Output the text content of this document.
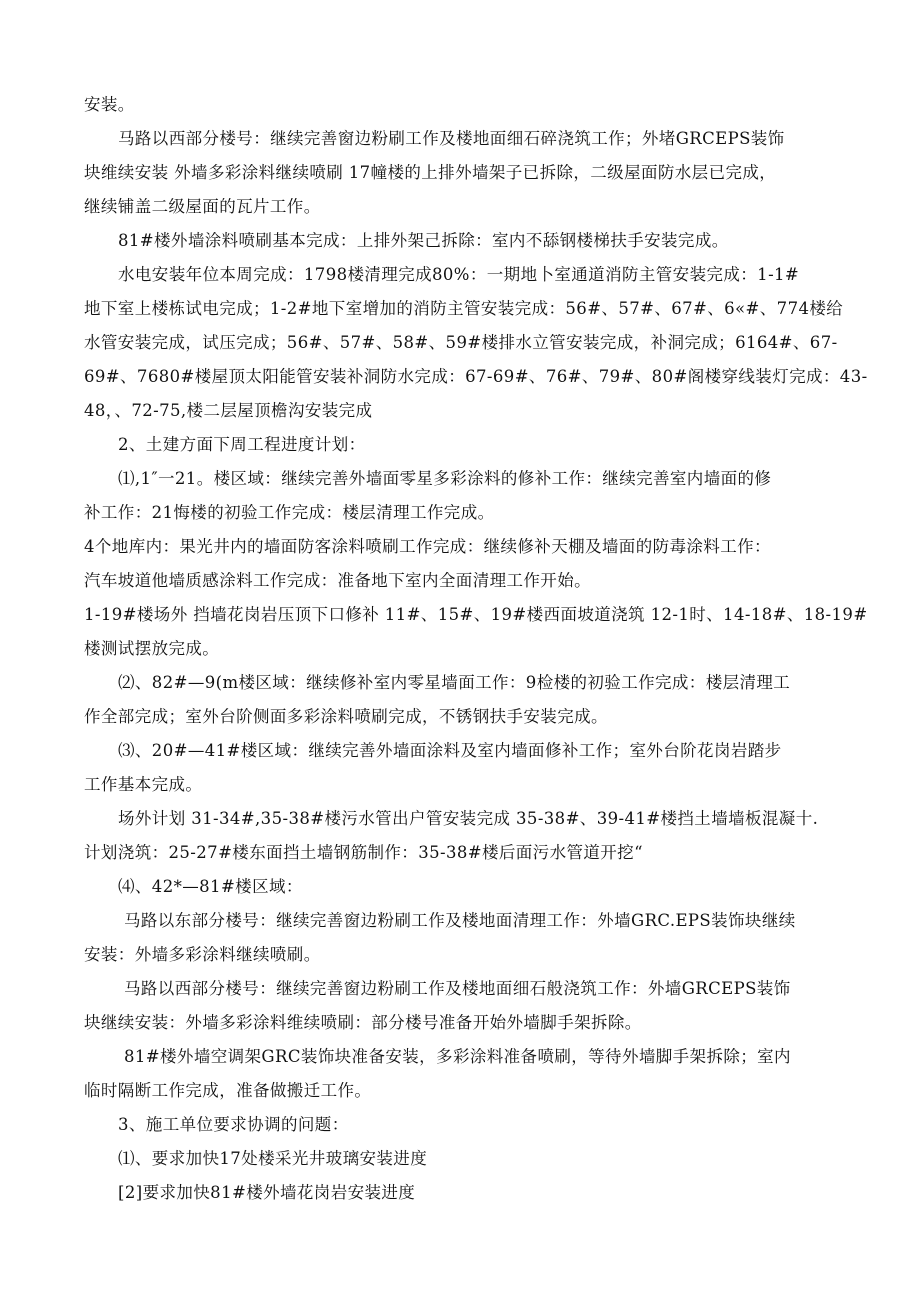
安装。
马路以西部分楼号：继续完善窗边粉刷工作及楼地面细石碎浇筑工作；外堵GRCEPS装饰
块维续安装 外墙多彩涂料继续喷刷 17幢楼的上排外墙架子已拆除，二级屋面防水层已完成，
继续铺盖二级屋面的瓦片工作。
81#楼外墙涂料喷刷基本完成：上排外架己拆除：室内不舔钢楼梯扶手安装完成。
水电安装年位本周完成：1798楼清理完成80%：一期地卜室通道消防主管安装完成：1-1#
地下室上楼栋试电完成；1-2#地下室增加的消防主管安装完成：56#、57#、67#、6«#、774楼给
水管安装完成，试压完成；56#、57#、58#、59#楼排水立管安装完成，补洞完成；6164#、67-
69#、7680#楼屋顶太阳能管安装补洞防水完成：67-69#、76#、79#、80#阁楼穿线装灯完成：43-
48，、72-75,楼二层屋顶檐沟安装完成
2、土建方面下周工程进度计划：
⑴,1″一21。楼区域：继续完善外墙面零星多彩涂料的修补工作：继续完善室内墙面的修
补工作：21悔楼的初验工作完成：楼层清理工作完成。
4个地库内：果光井内的墙面防客涂料喷刷工作完成：继续修补天棚及墙面的防毒涂料工作：
汽车坡道他墙质感涂料工作完成：准备地下室内全面清理工作开始。
1-19#楼场外 挡墙花岗岩压顶下口修补 11#、15#、19#楼西面坡道浇筑 12-1时、14-18#、18-19#
楼测试摆放完成。
⑵、82#—9(m楼区域：继续修补室内零星墙面工作：9检楼的初验工作完成：楼层清理工
作全部完成；室外台阶侧面多彩涂料喷刷完成，不锈钢扶手安装完成。
⑶、20#—41#楼区域：继续完善外墙面涂料及室内墙面修补工作；室外台阶花岗岩踏步
工作基本完成。
场外计划 31-34#,35-38#楼污水管出户管安装完成 35-38#、39-41#楼挡土墙墙板混凝十.
计划浇筑：25-27#楼东面挡土墙钢筋制作：35-38#楼后面污水管道开挖“
⑷、42*—81#楼区域：
马路以东部分楼号：继续完善窗边粉刷工作及楼地面清理工作：外墙GRC.EPS装饰块继续
安装：外墙多彩涂料继续喷刷。
马路以西部分楼号：继续完善窗边粉刷工作及楼地面细石般浇筑工作：外墙GRCEPS装饰
块继续安装：外墙多彩涂料维续喷刷：部分楼号准备开始外墙脚手架拆除。
81#楼外墙空调架GRC装饰块准备安装，多彩涂料准备喷刷，等待外墙脚手架拆除；室内
临时隔断工作完成，准备做搬迁工作。
3、施工单位要求协调的问题：
⑴、要求加快17处楼采光井玻璃安装进度
[2]要求加快81#楼外墙花岗岩安装进度
